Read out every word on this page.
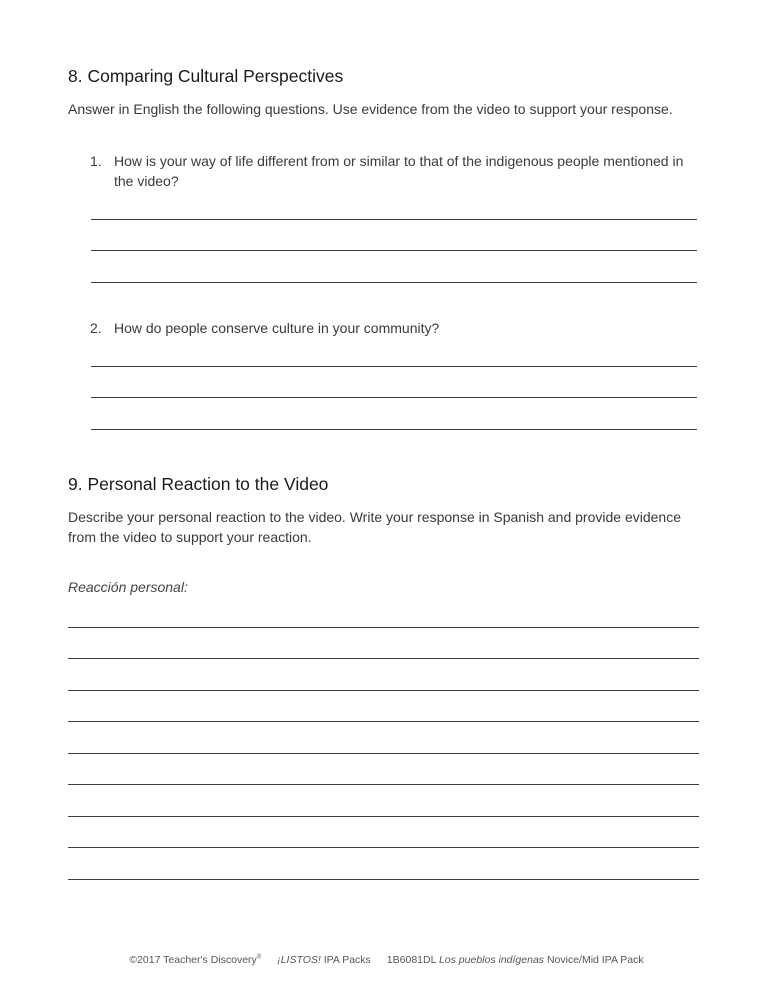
8. Comparing Cultural Perspectives

Answer in English the following questions. Use evidence from the video to support your response.

1. How is your way of life different from or similar to that of the indigenous people mentioned in the video?
2. How do people conserve culture in your community?
9. Personal Reaction to the Video

Describe your personal reaction to the video. Write your response in Spanish and provide evidence from the video to support your reaction.

Reacción personal:

©2017 Teacher's Discovery® ¡LISTOS! IPA Packs 1B6081DL Los pueblos indígenas Novice/Mid IPA Pack
